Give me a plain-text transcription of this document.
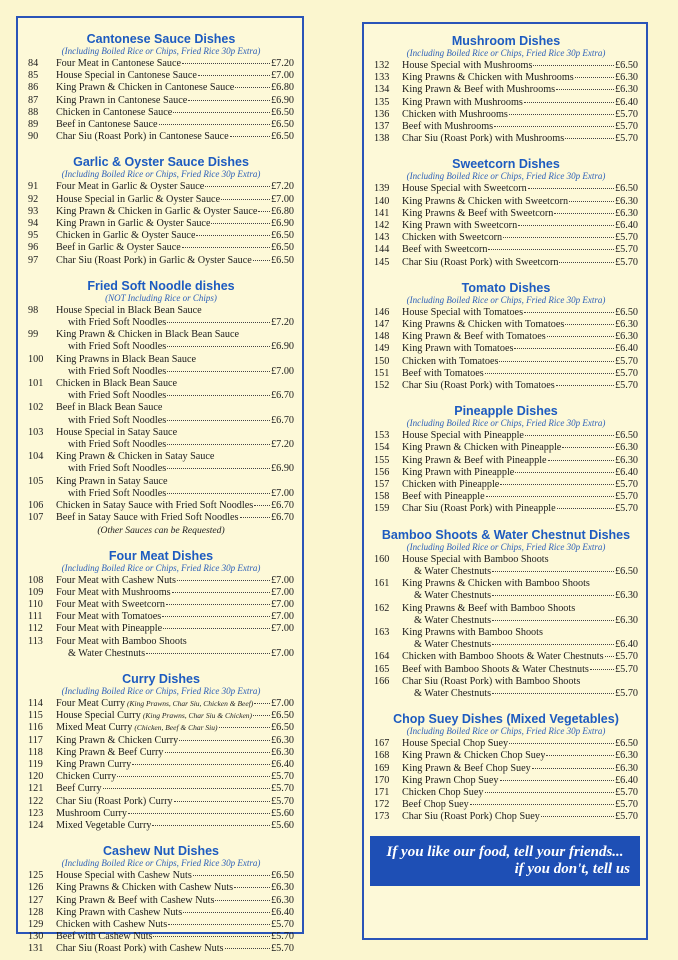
Cantonese Sauce Dishes
(Including Boiled Rice or Chips, Fried Rice 30p Extra)
84	Four Meat in Cantonese Sauce	£7.20
85	House Special in Cantonese Sauce	£7.00
86	King Prawn & Chicken in Cantonese Sauce	£6.80
87	King Prawn in Cantonese Sauce	£6.90
88	Chicken in Cantonese Sauce	£6.50
89	Beef in Cantonese Sauce	£6.50
90	Char Siu (Roast Pork) in Cantonese Sauce	£6.50
Garlic & Oyster Sauce Dishes
(Including Boiled Rice or Chips, Fried Rice 30p Extra)
91	Four Meat in Garlic & Oyster Sauce	£7.20
92	House Special in Garlic & Oyster Sauce	£7.00
93	King Prawn & Chicken in Garlic & Oyster Sauce £6.80
94	King Prawn in Garlic & Oyster Sauce	£6.90
95	Chicken in Garlic & Oyster Sauce	£6.50
96	Beef in Garlic & Oyster Sauce	£6.50
97	Char Siu (Roast Pork) in Garlic & Oyster Sauce £6.50
Fried Soft Noodle dishes
(NOT Including Rice or Chips)
98	House Special in Black Bean Sauce
with Fried Soft Noodles	£7.20
99	King Prawn & Chicken in Black Bean Sauce
with Fried Soft Noodles	£6.90
100	King Prawns in Black Bean Sauce
with Fried Soft Noodles	£7.00
101	Chicken in Black Bean Sauce
with Fried Soft Noodles	£6.70
102	Beef in Black Bean Sauce
with Fried Soft Noodles	£6.70
103	House Special in Satay Sauce
with Fried Soft Noodles	£7.20
104	King Prawn & Chicken in Satay Sauce
with Fried Soft Noodles	£6.90
105	King Prawn in Satay Sauce
with Fried Soft Noodles	£7.00
106	Chicken in Satay Sauce with Fried Soft Noodles £6.70
107	Beef in Satay Sauce with Fried Soft Noodles	£6.70
(Other Sauces can be Requested)
Four Meat Dishes
(Including Boiled Rice or Chips, Fried Rice 30p Extra)
108	Four Meat with Cashew Nuts	£7.00
109	Four Meat with Mushrooms	£7.00
110	Four Meat with Sweetcorn	£7.00
111	Four Meat with Tomatoes	£7.00
112	Four Meat with Pineapple	£7.00
113	Four Meat with Bamboo Shoots
& Water Chestnuts	£7.00
Curry Dishes
(Including Boiled Rice or Chips, Fried Rice 30p Extra)
114	Four Meat Curry (King Prawns, Char Siu, Chicken & Beef) £7.00
115	House Special Curry (King Prawns, Char Siu & Chicken) £6.50
116	Mixed Meat Curry (Chicken, Beef & Char Siu)	£6.50
117	King Prawn & Chicken Curry	£6.30
118	King Prawn & Beef Curry	£6.30
119	King Prawn Curry	£6.40
120	Chicken Curry	£5.70
121	Beef Curry	£5.70
122	Char Siu (Roast Pork) Curry	£5.70
123	Mushroom Curry	£5.60
124	Mixed Vegetable Curry	£5.60
Cashew Nut Dishes
(Including Boiled Rice or Chips, Fried Rice 30p Extra)
125	House Special with Cashew Nuts	£6.50
126	King Prawns & Chicken with Cashew Nuts	£6.30
127	King Prawn & Beef with Cashew Nuts	£6.30
128	King Prawn with Cashew Nuts	£6.40
129	Chicken with Cashew Nuts	£5.70
130	Beef with Cashew Nuts	£5.70
131	Char Siu (Roast Pork) with Cashew Nuts	£5.70
Mushroom Dishes
(Including Boiled Rice or Chips, Fried Rice 30p Extra)
132	House Special with Mushrooms	£6.50
133	King Prawns & Chicken with Mushrooms	£6.30
134	King Prawn & Beef with Mushrooms	£6.30
135	King Prawn with Mushrooms	£6.40
136	Chicken with Mushrooms	£5.70
137	Beef with Mushrooms	£5.70
138	Char Siu (Roast Pork) with Mushrooms	£5.70
Sweetcorn Dishes
(Including Boiled Rice or Chips, Fried Rice 30p Extra)
139	House Special with Sweetcorn	£6.50
140	King Prawns & Chicken with Sweetcorn	£6.30
141	King Prawns & Beef with Sweetcorn	£6.30
142	King Prawn with Sweetcorn	£6.40
143	Chicken with Sweetcorn	£5.70
144	Beef with Sweetcorn	£5.70
145	Char Siu (Roast Pork) with Sweetcorn	£5.70
Tomato Dishes
(Including Boiled Rice or Chips, Fried Rice 30p Extra)
146	House Special with Tomatoes	£6.50
147	King Prawns & Chicken with Tomatoes	£6.30
148	King Prawn & Beef with Tomatoes	£6.30
149	King Prawn with Tomatoes	£6.40
150	Chicken with Tomatoes	£5.70
151	Beef with Tomatoes	£5.70
152	Char Siu (Roast Pork) with Tomatoes	£5.70
Pineapple Dishes
(Including Boiled Rice or Chips, Fried Rice 30p Extra)
153	House Special with Pineapple	£6.50
154	King Prawn & Chicken with Pineapple	£6.30
155	King Prawn & Beef with Pineapple	£6.30
156	King Prawn with Pineapple	£6.40
157	Chicken with Pineapple	£5.70
158	Beef with Pineapple	£5.70
159	Char Siu (Roast Pork) with Pineapple	£5.70
Bamboo Shoots & Water Chestnut Dishes
(Including Boiled Rice or Chips, Fried Rice 30p Extra)
160	House Special with Bamboo Shoots
& Water Chestnuts	£6.50
161	King Prawns & Chicken with Bamboo Shoots
& Water Chestnuts	£6.30
162	King Prawns & Beef with Bamboo Shoots
& Water Chestnuts	£6.30
163	King Prawns with Bamboo Shoots
& Water Chestnuts	£6.40
164	Chicken with Bamboo Shoots & Water Chestnuts £5.70
165	Beef with Bamboo Shoots & Water Chestnuts	£5.70
166	Char Siu (Roast Pork) with Bamboo Shoots
& Water Chestnuts	£5.70
Chop Suey Dishes (Mixed Vegetables)
(Including Boiled Rice or Chips, Fried Rice 30p Extra)
167	House Special Chop Suey	£6.50
168	King Prawn & Chicken Chop Suey	£6.30
169	King Prawn & Beef Chop Suey	£6.30
170	King Prawn Chop Suey	£6.40
171	Chicken Chop Suey	£5.70
172	Beef Chop Suey	£5.70
173	Char Siu (Roast Pork) Chop Suey	£5.70
If you like our food, tell your friends...
if you don't, tell us
